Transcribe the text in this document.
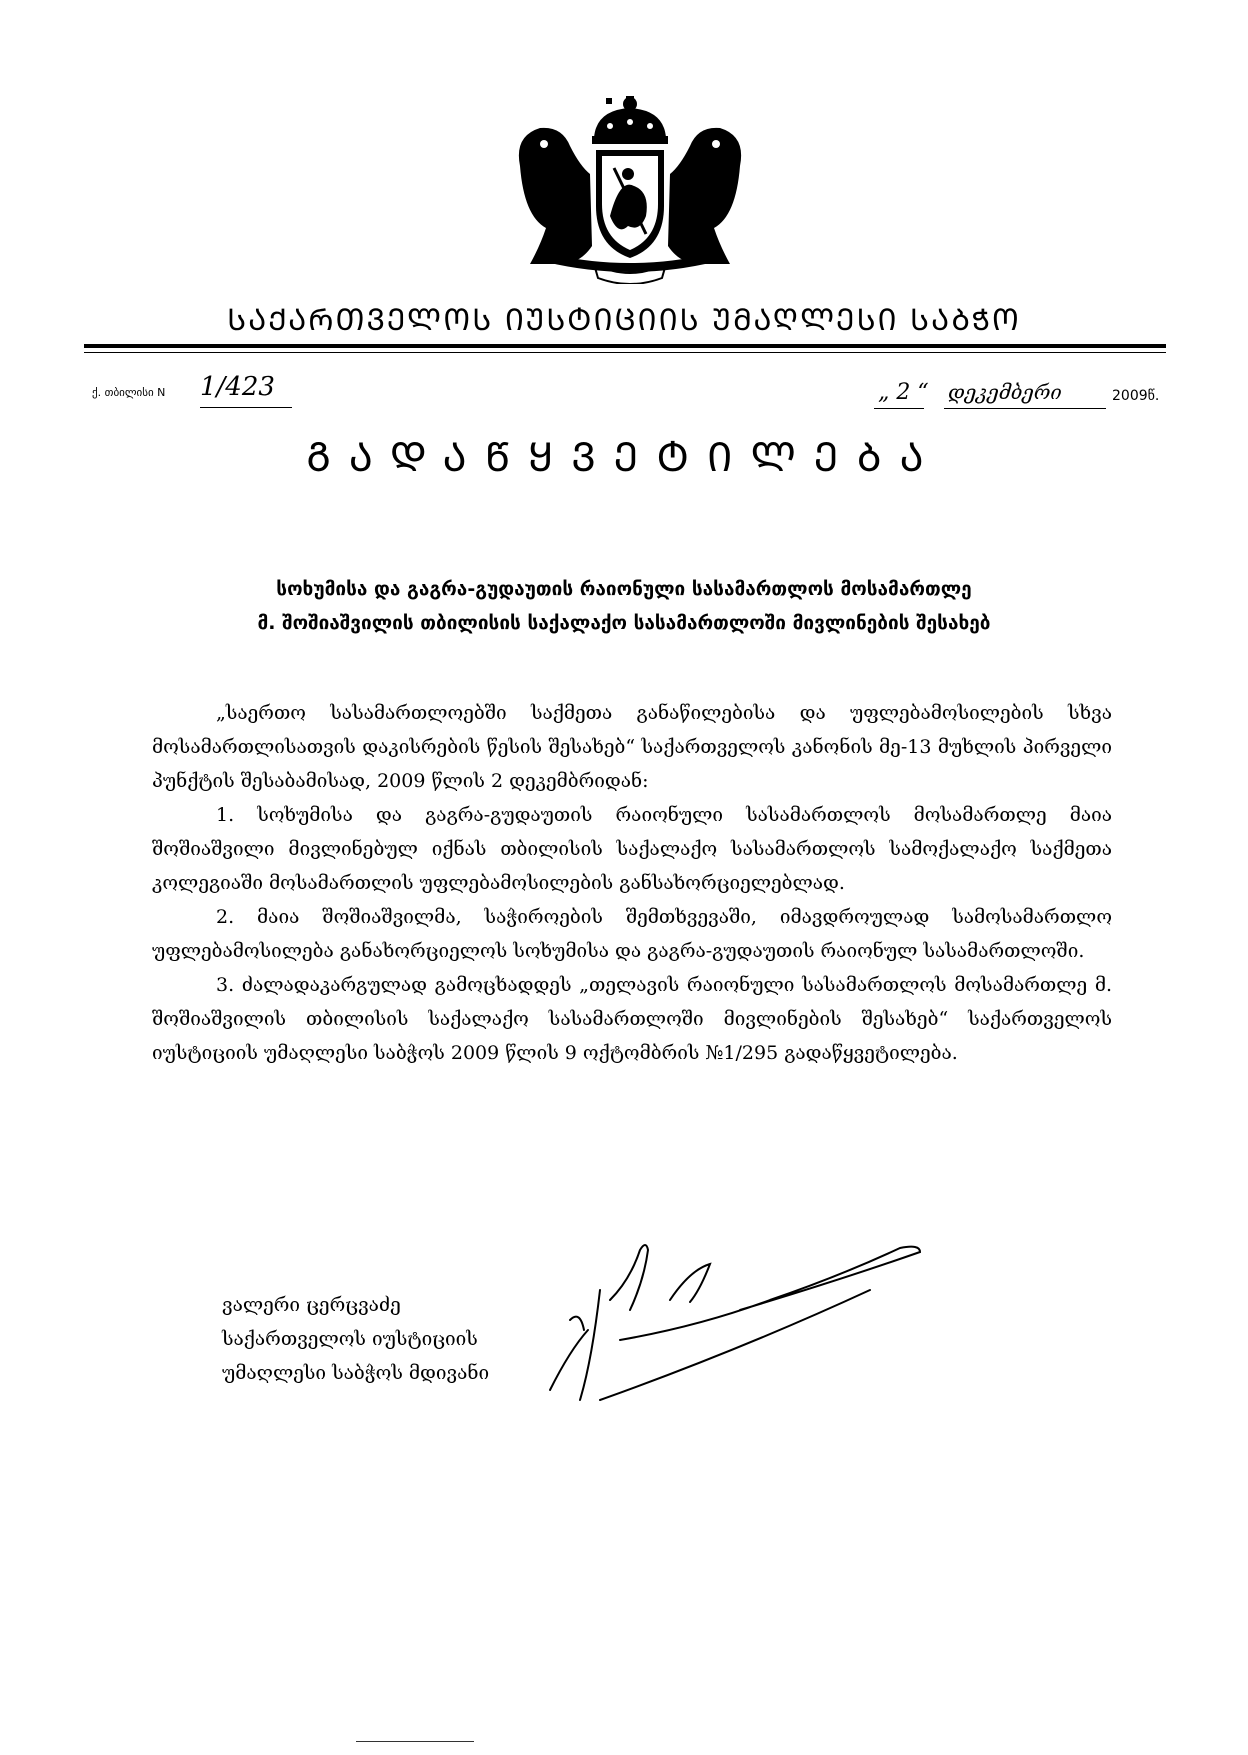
ᲡᲐᲥᲐᲠᲗᲕᲔᲚᲝᲡ ᲘᲣᲡᲢᲘᲪᲘᲘᲡ ᲣᲛᲐᲦᲚᲔᲡᲘ ᲡᲐᲑᲭᲝ
ქ. თბილისი N 1/423	„ 2 “ დეკემბერი	2009წ.
ᲒᲐᲓᲐᲬᲧᲕᲔᲢᲘᲚᲔᲑᲐ
სოხუმისა და გაგრა-გუდაუთის რაიონული სასამართლოს მოსამართლე
მ. შოშიაშვილის თბილისის საქალაქო სასამართლოში მივლინების შესახებ

„საერთო სასამართლოებში საქმეთა განაწილებისა და უფლებამოსილების სხვა მოსამართლისათვის დაკისრების წესის შესახებ“ საქართველოს კანონის მე-13 მუხლის პირველი პუნქტის შესაბამისად, 2009 წლის 2 დეკემბრიდან:

1. სოხუმისა და გაგრა-გუდაუთის რაიონული სასამართლოს მოსამართლე მაია შოშიაშვილი მივლინებულ იქნას თბილისის საქალაქო სასამართლოს სამოქალაქო საქმეთა კოლეგიაში მოსამართლის უფლებამოსილების განსახორციელებლად.

2. მაია შოშიაშვილმა, საჭიროების შემთხვევაში, იმავდროულად სამოსამართლო უფლებამოსილება განახორციელოს სოხუმისა და გაგრა-გუდაუთის რაიონულ სასამართლოში.

3. ძალადაკარგულად გამოცხადდეს „თელავის რაიონული სასამართლოს მოსამართლე მ. შოშიაშვილის თბილისის საქალაქო სასამართლოში მივლინების შესახებ“ საქართველოს იუსტიციის უმაღლესი საბჭოს 2009 წლის 9 ოქტომბრის №1/295 გადაწყვეტილება.

ვალერი ცერცვაძე
საქართველოს იუსტიციის
უმაღლესი საბჭოს მდივანი
